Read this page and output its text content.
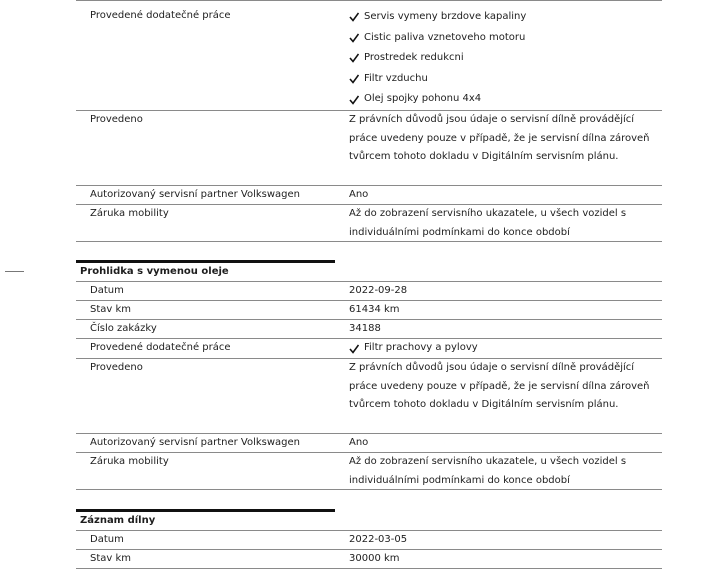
Provedené dodatečné práce	Servis vymeny brzdove kapaliny
Cistic paliva vznetoveho motoru
Prostredek redukcni
Filtr vzduchu
Olej spojky pohonu 4x4
Provedeno	Z právních důvodů jsou údaje o servisní dílně provádějící práce uvedeny pouze v případě, že je servisní dílna zároveň tvůrcem tohoto dokladu v Digitálním servisním plánu.
Autorizovaný servisní partner Volkswagen	Ano
Záruka mobility	Až do zobrazení servisního ukazatele, u všech vozidel s individuálními podmínkami do konce období
Prohlidka s vymenou oleje
Datum	2022-09-28
Stav km	61434 km
Číslo zakázky	34188
Provedené dodatečné práce	Filtr prachovy a pylovy
Provedeno	Z právních důvodů jsou údaje o servisní dílně provádějící práce uvedeny pouze v případě, že je servisní dílna zároveň tvůrcem tohoto dokladu v Digitálním servisním plánu.
Autorizovaný servisní partner Volkswagen	Ano
Záruka mobility	Až do zobrazení servisního ukazatele, u všech vozidel s individuálními podmínkami do konce období
Záznam dílny
Datum	2022-03-05
Stav km	30000 km
